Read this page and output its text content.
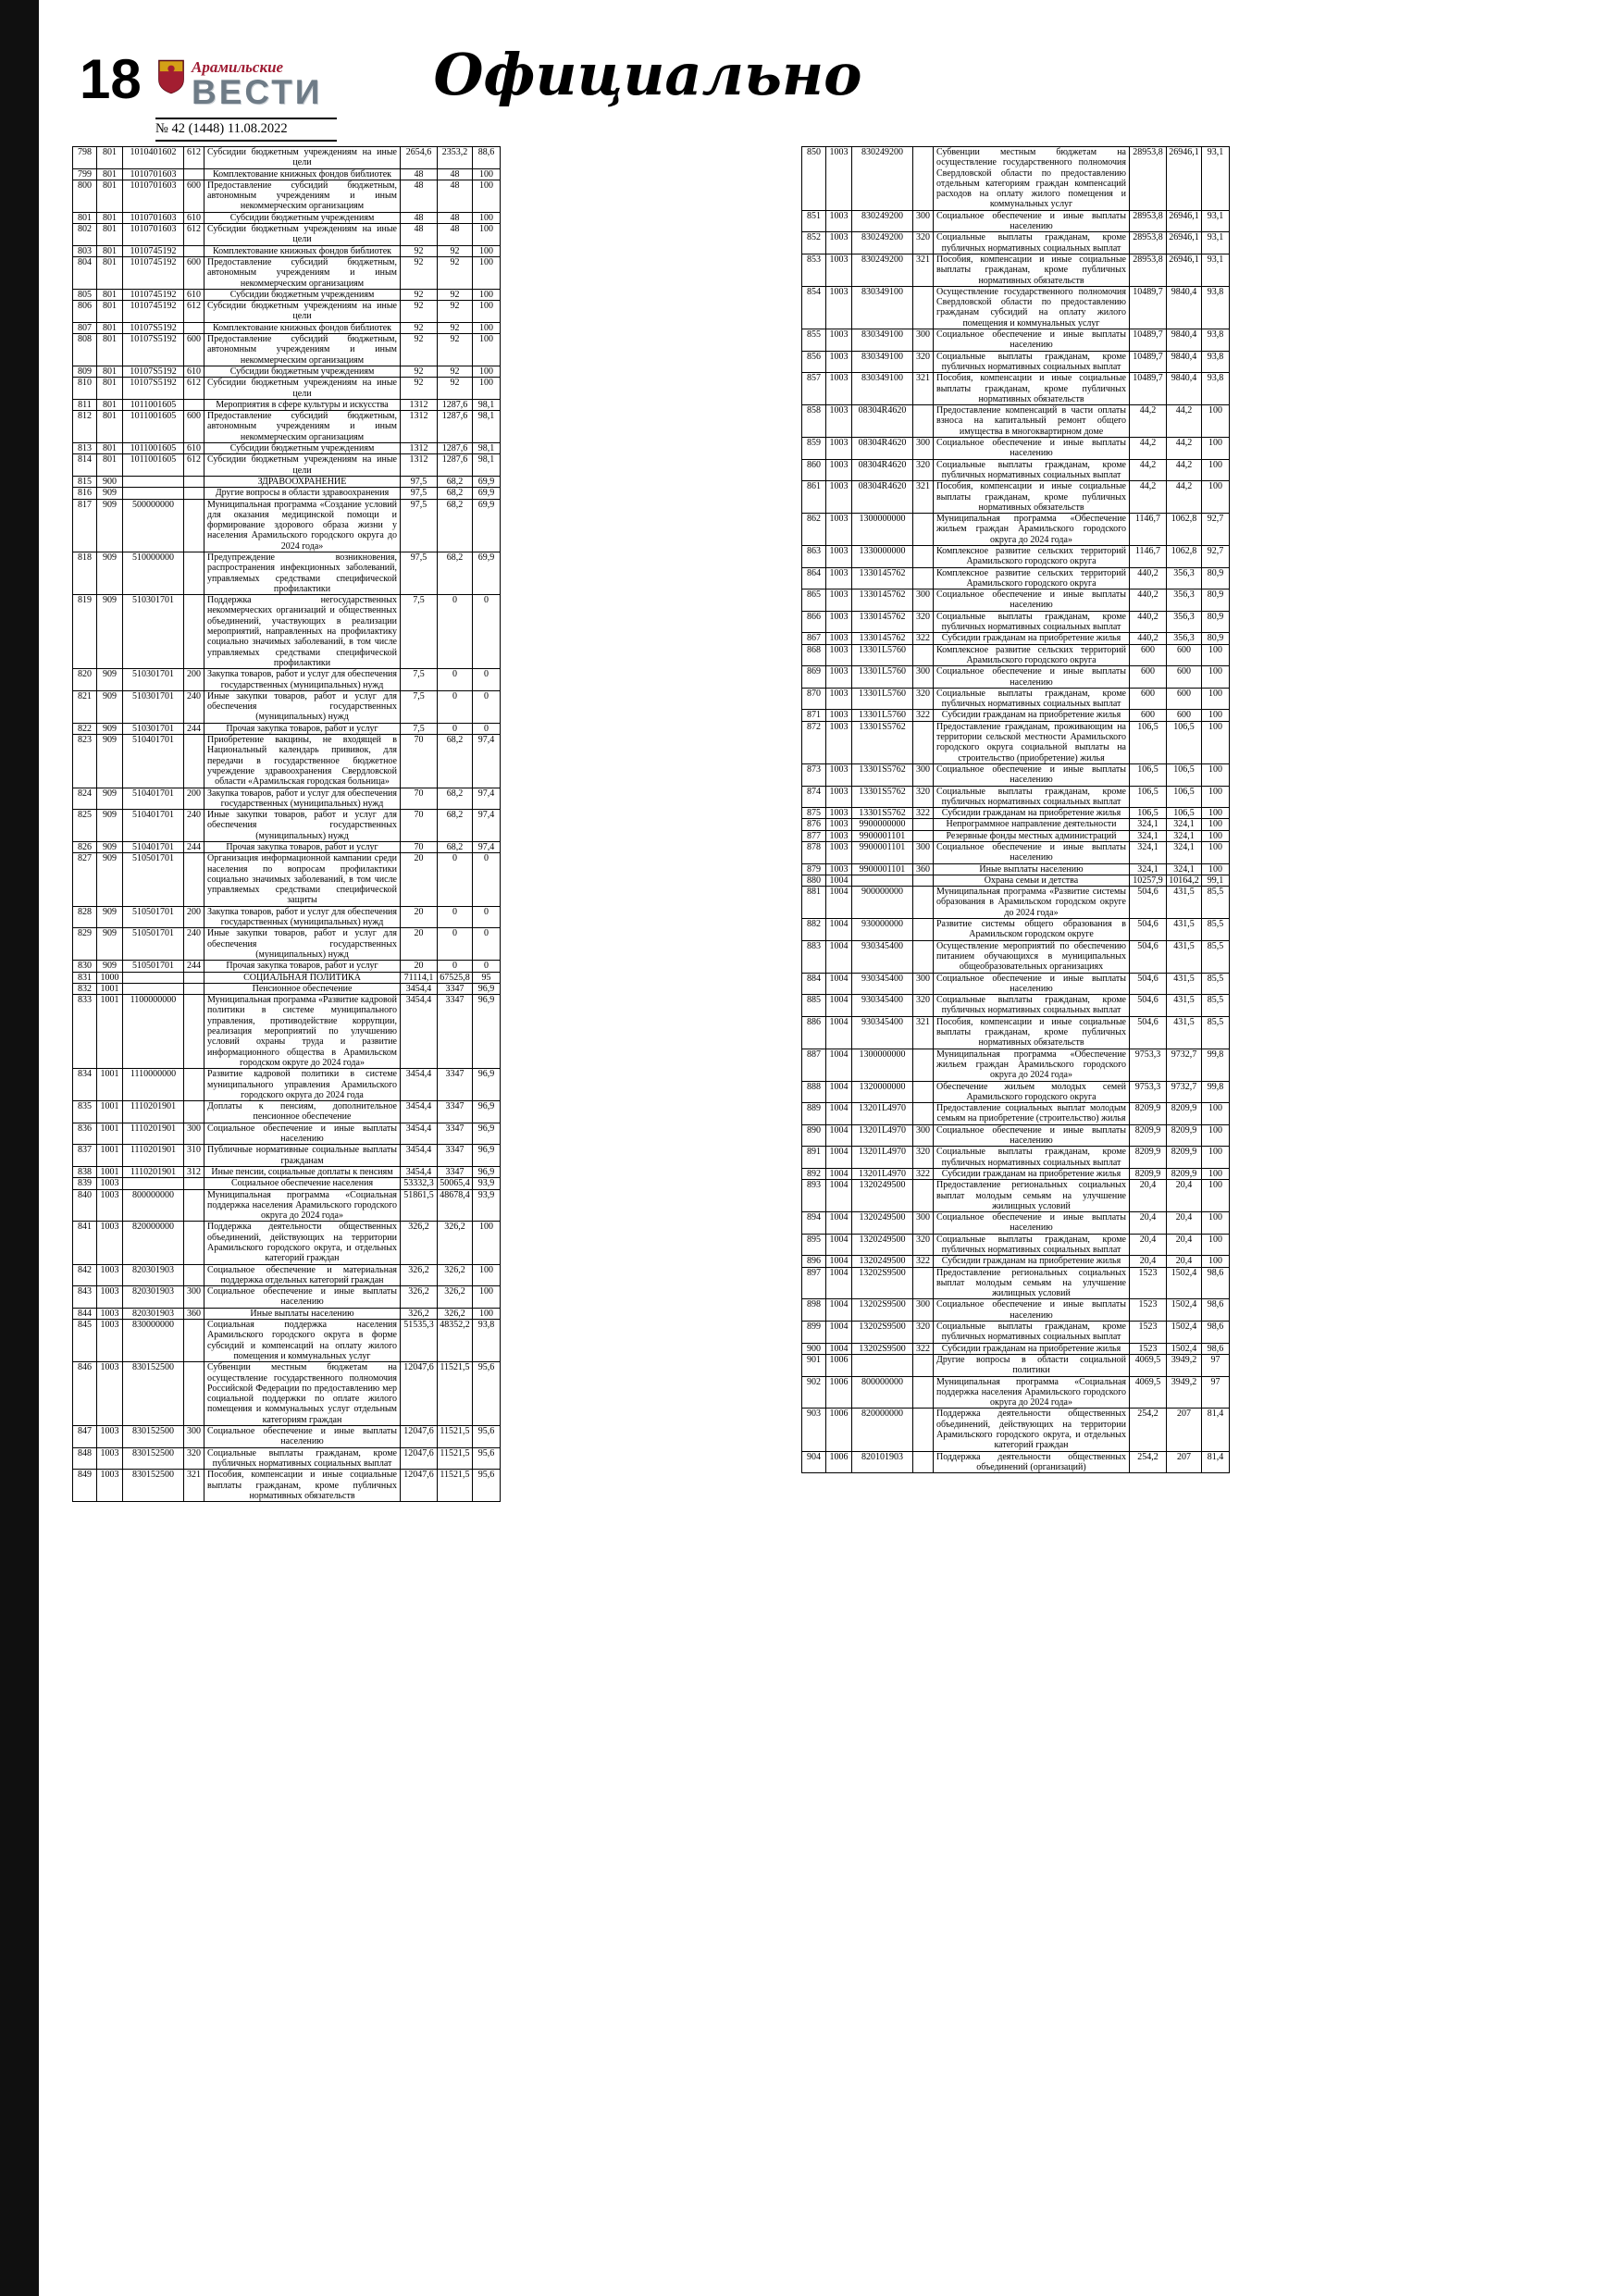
18	Арамильские
ВЕСТИ
№ 42 (1448) 11.08.2022
Официально
798	801	1010401602	612	Субсидии бюджетным учреждениям на иные цели	2654,6	2353,2	88,6
799	801	1010701603		Комплектование книжных фондов библиотек	48	48	100
800	801	1010701603	600	Предоставление субсидий бюджетным, автономным учреждениям и иным некоммерческим организациям	48	48	100
801	801	1010701603	610	Субсидии бюджетным учреждениям	48	48	100
802	801	1010701603	612	Субсидии бюджетным учреждениям на иные цели	48	48	100
803	801	1010745192		Комплектование книжных фондов библиотек	92	92	100
804	801	1010745192	600	Предоставление субсидий бюджетным, автономным учреждениям и иным некоммерческим организациям	92	92	100
805	801	1010745192	610	Субсидии бюджетным учреждениям	92	92	100
806	801	1010745192	612	Субсидии бюджетным учреждениям на иные цели	92	92	100
807	801	10107S5192		Комплектование книжных фондов библиотек	92	92	100
808	801	10107S5192	600	Предоставление субсидий бюджетным, автономным учреждениям и иным некоммерческим организациям	92	92	100
809	801	10107S5192	610	Субсидии бюджетным учреждениям	92	92	100
810	801	10107S5192	612	Субсидии бюджетным учреждениям на иные цели	92	92	100
811	801	1011001605		Мероприятия в сфере культуры и искусства	1312	1287,6	98,1
812	801	1011001605	600	Предоставление субсидий бюджетным, автономным учреждениям и иным некоммерческим организациям	1312	1287,6	98,1
813	801	1011001605	610	Субсидии бюджетным учреждениям	1312	1287,6	98,1
814	801	1011001605	612	Субсидии бюджетным учреждениям на иные цели	1312	1287,6	98,1
815	900			ЗДРАВООХРАНЕНИЕ	97,5	68,2	69,9
816	909			Другие вопросы в области здравоохранения	97,5	68,2	69,9
817	909	500000000		Муниципальная программа «Создание условий для оказания медицинской помощи и формирование здорового образа жизни у населения Арамильского городского округа до 2024 года»	97,5	68,2	69,9
818	909	510000000		Предупреждение возникновения, распространения инфекционных заболеваний, управляемых средствами специфической профилактики	97,5	68,2	69,9
819	909	510301701		Поддержка негосударственных некоммерческих организаций и общественных объединений, участвующих в реализации мероприятий, направленных на профилактику социально значимых заболеваний, в том числе управляемых средствами специфической профилактики	7,5	0	0
820	909	510301701	200	Закупка товаров, работ и услуг для обеспечения государственных (муниципальных) нужд	7,5	0	0
821	909	510301701	240	Иные закупки товаров, работ и услуг для обеспечения государственных (муниципальных) нужд	7,5	0	0
822	909	510301701	244	Прочая закупка товаров, работ и услуг	7,5	0	0
823	909	510401701		Приобретение вакцины, не входящей в Национальный календарь прививок, для передачи в государственное бюджетное учреждение здравоохранения Свердловской области «Арамильская городская больница»	70	68,2	97,4
824	909	510401701	200	Закупка товаров, работ и услуг для обеспечения государственных (муниципальных) нужд	70	68,2	97,4
825	909	510401701	240	Иные закупки товаров, работ и услуг для обеспечения государственных (муниципальных) нужд	70	68,2	97,4
826	909	510401701	244	Прочая закупка товаров, работ и услуг	70	68,2	97,4
827	909	510501701		Организация информационной кампании среди населения по вопросам профилактики социально значимых заболеваний, в том числе управляемых средствами специфической защиты	20	0	0
828	909	510501701	200	Закупка товаров, работ и услуг для обеспечения государственных (муниципальных) нужд	20	0	0
829	909	510501701	240	Иные закупки товаров, работ и услуг для обеспечения государственных (муниципальных) нужд	20	0	0
830	909	510501701	244	Прочая закупка товаров, работ и услуг	20	0	0
831	1000			СОЦИАЛЬНАЯ ПОЛИТИКА	71114,1	67525,8	95
832	1001			Пенсионное обеспечение	3454,4	3347	96,9
833	1001	1100000000		Муниципальная программа «Развитие кадровой политики в системе муниципального управления, противодействие коррупции, реализация мероприятий по улучшению условий охраны труда и развитие информационного общества в Арамильском городском округе до 2024 года»	3454,4	3347	96,9
834	1001	1110000000		Развитие кадровой политики в системе муниципального управления Арамильского городского округа до 2024 года	3454,4	3347	96,9
835	1001	1110201901		Доплаты к пенсиям, дополнительное пенсионное обеспечение	3454,4	3347	96,9
836	1001	1110201901	300	Социальное обеспечение и иные выплаты населению	3454,4	3347	96,9
837	1001	1110201901	310	Публичные нормативные социальные выплаты гражданам	3454,4	3347	96,9
838	1001	1110201901	312	Иные пенсии, социальные доплаты к пенсиям	3454,4	3347	96,9
839	1003			Социальное обеспечение населения	53332,3	50065,4	93,9
840	1003	800000000		Муниципальная программа «Социальная поддержка населения Арамильского городского округа до 2024 года»	51861,5	48678,4	93,9
841	1003	820000000		Поддержка деятельности общественных объединений, действующих на территории Арамильского городского округа, и отдельных категорий граждан	326,2	326,2	100
842	1003	820301903		Социальное обеспечение и материальная поддержка отдельных категорий граждан	326,2	326,2	100
843	1003	820301903	300	Социальное обеспечение и иные выплаты населению	326,2	326,2	100
844	1003	820301903	360	Иные выплаты населению	326,2	326,2	100
845	1003	830000000		Социальная поддержка населения Арамильского городского округа в форме субсидий и компенсаций на оплату жилого помещения и коммунальных услуг	51535,3	48352,2	93,8
846	1003	830152500		Субвенции местным бюджетам на осуществление государственного полномочия Российской Федерации по предоставлению мер социальной поддержки по оплате жилого помещения и коммунальных услуг отдельным категориям граждан	12047,6	11521,5	95,6
847	1003	830152500	300	Социальное обеспечение и иные выплаты населению	12047,6	11521,5	95,6
848	1003	830152500	320	Социальные выплаты гражданам, кроме публичных нормативных социальных выплат	12047,6	11521,5	95,6
849	1003	830152500	321	Пособия, компенсации и иные социальные выплаты гражданам, кроме публичных нормативных обязательств	12047,6	11521,5	95,6
850	1003	830249200		Субвенции местным бюджетам на осуществление государственного полномочия Свердловской области по предоставлению отдельным категориям граждан компенсаций расходов на оплату жилого помещения и коммунальных услуг	28953,8	26946,1	93,1
851	1003	830249200	300	Социальное обеспечение и иные выплаты населению	28953,8	26946,1	93,1
852	1003	830249200	320	Социальные выплаты гражданам, кроме публичных нормативных социальных выплат	28953,8	26946,1	93,1
853	1003	830249200	321	Пособия, компенсации и иные социальные выплаты гражданам, кроме публичных нормативных обязательств	28953,8	26946,1	93,1
854	1003	830349100		Осуществление государственного полномочия Свердловской области по предоставлению гражданам субсидий на оплату жилого помещения и коммунальных услуг	10489,7	9840,4	93,8
855	1003	830349100	300	Социальное обеспечение и иные выплаты населению	10489,7	9840,4	93,8
856	1003	830349100	320	Социальные выплаты гражданам, кроме публичных нормативных социальных выплат	10489,7	9840,4	93,8
857	1003	830349100	321	Пособия, компенсации и иные социальные выплаты гражданам, кроме публичных нормативных обязательств	10489,7	9840,4	93,8
858	1003	08304R4620		Предоставление компенсаций в части оплаты взноса на капитальный ремонт общего имущества в многоквартирном доме	44,2	44,2	100
859	1003	08304R4620	300	Социальное обеспечение и иные выплаты населению	44,2	44,2	100
860	1003	08304R4620	320	Социальные выплаты гражданам, кроме публичных нормативных социальных выплат	44,2	44,2	100
861	1003	08304R4620	321	Пособия, компенсации и иные социальные выплаты гражданам, кроме публичных нормативных обязательств	44,2	44,2	100
862	1003	1300000000		Муниципальная программа «Обеспечение жильем граждан Арамильского городского округа до 2024 года»	1146,7	1062,8	92,7
863	1003	1330000000		Комплексное развитие сельских территорий Арамильского городского округа	1146,7	1062,8	92,7
864	1003	1330145762		Комплексное развитие сельских территорий Арамильского городского округа	440,2	356,3	80,9
865	1003	1330145762	300	Социальное обеспечение и иные выплаты населению	440,2	356,3	80,9
866	1003	1330145762	320	Социальные выплаты гражданам, кроме публичных нормативных социальных выплат	440,2	356,3	80,9
867	1003	1330145762	322	Субсидии гражданам на приобретение жилья	440,2	356,3	80,9
868	1003	13301L5760		Комплексное развитие сельских территорий Арамильского городского округа	600	600	100
869	1003	13301L5760	300	Социальное обеспечение и иные выплаты населению	600	600	100
870	1003	13301L5760	320	Социальные выплаты гражданам, кроме публичных нормативных социальных выплат	600	600	100
871	1003	13301L5760	322	Субсидии гражданам на приобретение жилья	600	600	100
872	1003	13301S5762		Предоставление гражданам, проживающим на территории сельской местности Арамильского городского округа социальной выплаты на строительство (приобретение) жилья	106,5	106,5	100
873	1003	13301S5762	300	Социальное обеспечение и иные выплаты населению	106,5	106,5	100
874	1003	13301S5762	320	Социальные выплаты гражданам, кроме публичных нормативных социальных выплат	106,5	106,5	100
875	1003	13301S5762	322	Субсидии гражданам на приобретение жилья	106,5	106,5	100
876	1003	9900000000		Непрограммное направление деятельности	324,1	324,1	100
877	1003	9900001101		Резервные фонды местных администраций	324,1	324,1	100
878	1003	9900001101	300	Социальное обеспечение и иные выплаты населению	324,1	324,1	100
879	1003	9900001101	360	Иные выплаты населению	324,1	324,1	100
880	1004			Охрана семьи и детства	10257,9	10164,2	99,1
881	1004	900000000		Муниципальная программа «Развитие системы образования в Арамильском городском округе до 2024 года»	504,6	431,5	85,5
882	1004	930000000		Развитие системы общего образования в Арамильском городском округе	504,6	431,5	85,5
883	1004	930345400		Осуществление мероприятий по обеспечению питанием обучающихся в муниципальных общеобразовательных организациях	504,6	431,5	85,5
884	1004	930345400	300	Социальное обеспечение и иные выплаты населению	504,6	431,5	85,5
885	1004	930345400	320	Социальные выплаты гражданам, кроме публичных нормативных социальных выплат	504,6	431,5	85,5
886	1004	930345400	321	Пособия, компенсации и иные социальные выплаты гражданам, кроме публичных нормативных обязательств	504,6	431,5	85,5
887	1004	1300000000		Муниципальная программа «Обеспечение жильем граждан Арамильского городского округа до 2024 года»	9753,3	9732,7	99,8
888	1004	1320000000		Обеспечение жильем молодых семей Арамильского городского округа	9753,3	9732,7	99,8
889	1004	13201L4970		Предоставление социальных выплат молодым семьям на приобретение (строительство) жилья	8209,9	8209,9	100
890	1004	13201L4970	300	Социальное обеспечение и иные выплаты населению	8209,9	8209,9	100
891	1004	13201L4970	320	Социальные выплаты гражданам, кроме публичных нормативных социальных выплат	8209,9	8209,9	100
892	1004	13201L4970	322	Субсидии гражданам на приобретение жилья	8209,9	8209,9	100
893	1004	1320249500		Предоставление региональных социальных выплат молодым семьям на улучшение жилищных условий	20,4	20,4	100
894	1004	1320249500	300	Социальное обеспечение и иные выплаты населению	20,4	20,4	100
895	1004	1320249500	320	Социальные выплаты гражданам, кроме публичных нормативных социальных выплат	20,4	20,4	100
896	1004	1320249500	322	Субсидии гражданам на приобретение жилья	20,4	20,4	100
897	1004	13202S9500		Предоставление региональных социальных выплат молодым семьям на улучшение жилищных условий	1523	1502,4	98,6
898	1004	13202S9500	300	Социальное обеспечение и иные выплаты населению	1523	1502,4	98,6
899	1004	13202S9500	320	Социальные выплаты гражданам, кроме публичных нормативных социальных выплат	1523	1502,4	98,6
900	1004	13202S9500	322	Субсидии гражданам на приобретение жилья	1523	1502,4	98,6
901	1006			Другие вопросы в области социальной политики	4069,5	3949,2	97
902	1006	800000000		Муниципальная программа «Социальная поддержка населения Арамильского городского округа до 2024 года»	4069,5	3949,2	97
903	1006	820000000		Поддержка деятельности общественных объединений, действующих на территории Арамильского городского округа, и отдельных категорий граждан	254,2	207	81,4
904	1006	820101903		Поддержка деятельности общественных объединений (организаций)	254,2	207	81,4
